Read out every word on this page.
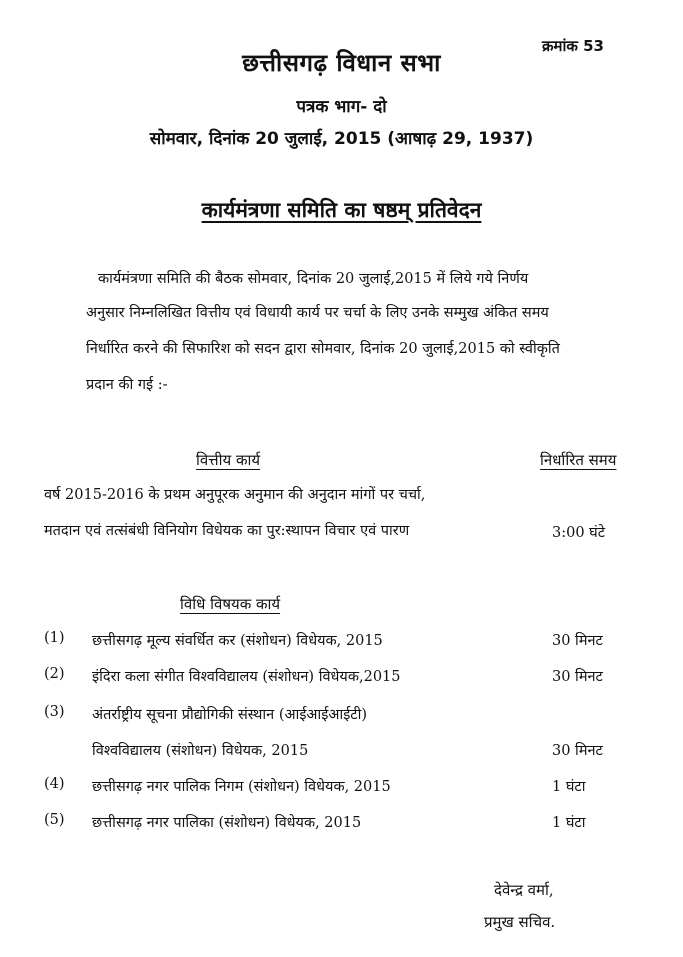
क्रमांक 53
छत्तीसगढ़ विधान सभा
पत्रक भाग- दो
सोमवार, दिनांक 20 जुलाई, 2015 (आषाढ़ 29, 1937)
कार्यमंत्रणा समिति का षष्ठम् प्रतिवेदन
कार्यमंत्रणा समिति की बैठक सोमवार, दिनांक 20 जुलाई,2015 में लिये गये निर्णय
अनुसार निम्नलिखित वित्तीय एवं विधायी कार्य पर चर्चा के लिए उनके सम्मुख अंकित समय
निर्धारित करने की सिफारिश को सदन द्वारा सोमवार, दिनांक 20 जुलाई,2015 को स्वीकृति
प्रदान की गई :-
वित्तीय कार्य	निर्धारित समय
वर्ष 2015-2016 के प्रथम अनुपूरक अनुमान की अनुदान मांगों पर चर्चा,
मतदान एवं तत्संबंधी विनियोग विधेयक का पुर:स्थापन विचार एवं पारण	3:00 घंटे
विधि विषयक कार्य
(1) छत्तीसगढ़ मूल्य संवर्धित कर (संशोधन) विधेयक, 2015	30 मिनट
(2) इंदिरा कला संगीत विश्वविद्यालय (संशोधन) विधेयक,2015	30 मिनट
(3) अंतर्राष्ट्रीय सूचना प्रौद्योगिकी संस्थान (आईआईआईटी)
विश्वविद्यालय (संशोधन) विधेयक, 2015	30 मिनट
(4) छत्तीसगढ़ नगर पालिक निगम (संशोधन) विधेयक, 2015	1 घंटा
(5) छत्तीसगढ़ नगर पालिका (संशोधन) विधेयक, 2015	1 घंटा
देवेन्द्र वर्मा,
प्रमुख सचिव.
